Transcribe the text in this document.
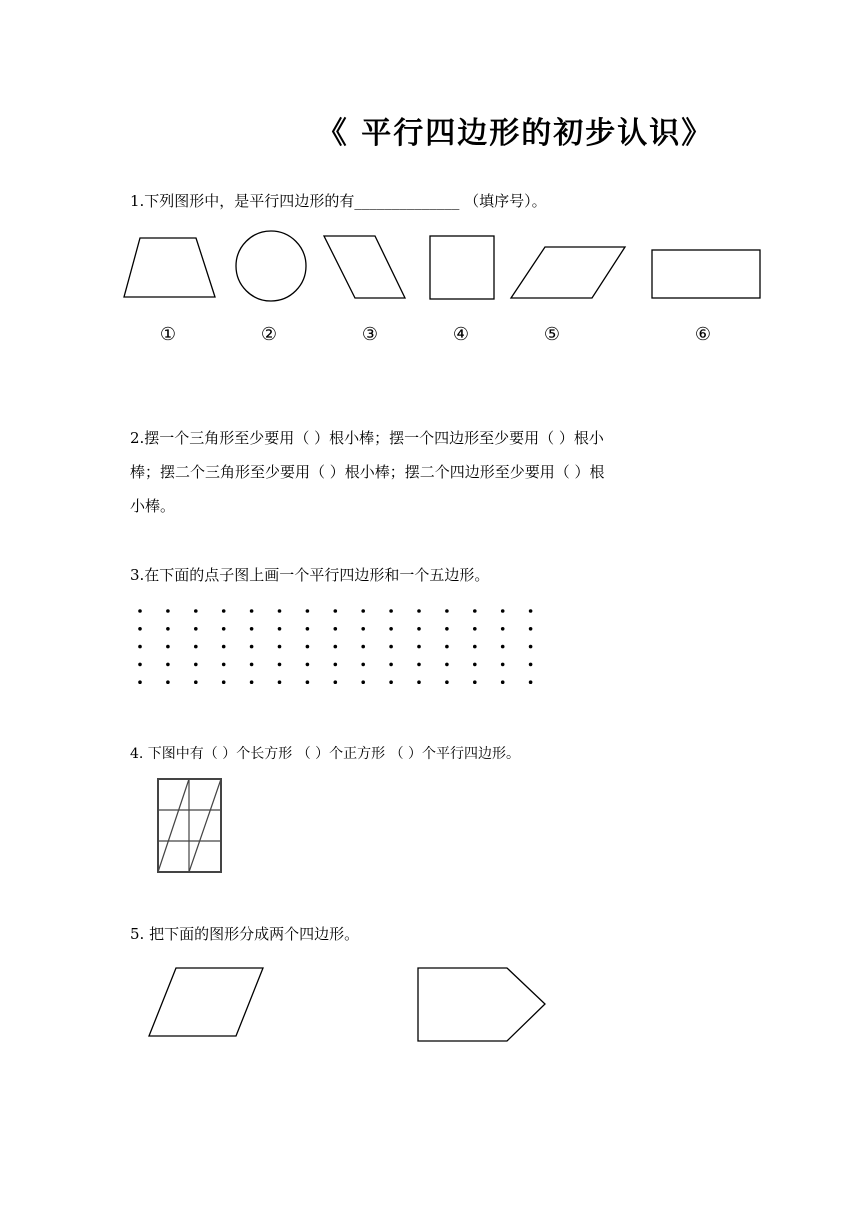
《 平行四边形的初步认识》
1.下列图形中，是平行四边形的有______________ （填序号）。
①	②	③	④	⑤	⑥
2.摆一个三角形至少要用（ ）根小棒；摆一个四边形至少要用（ ）根小
棒；摆二个三角形至少要用（ ）根小棒；摆二个四边形至少要用（ ）根
小棒。
3.在下面的点子图上画一个平行四边形和一个五边形。
4. 下图中有（ ）个长方形 （ ）个正方形 （ ）个平行四边形。
5. 把下面的图形分成两个四边形。
